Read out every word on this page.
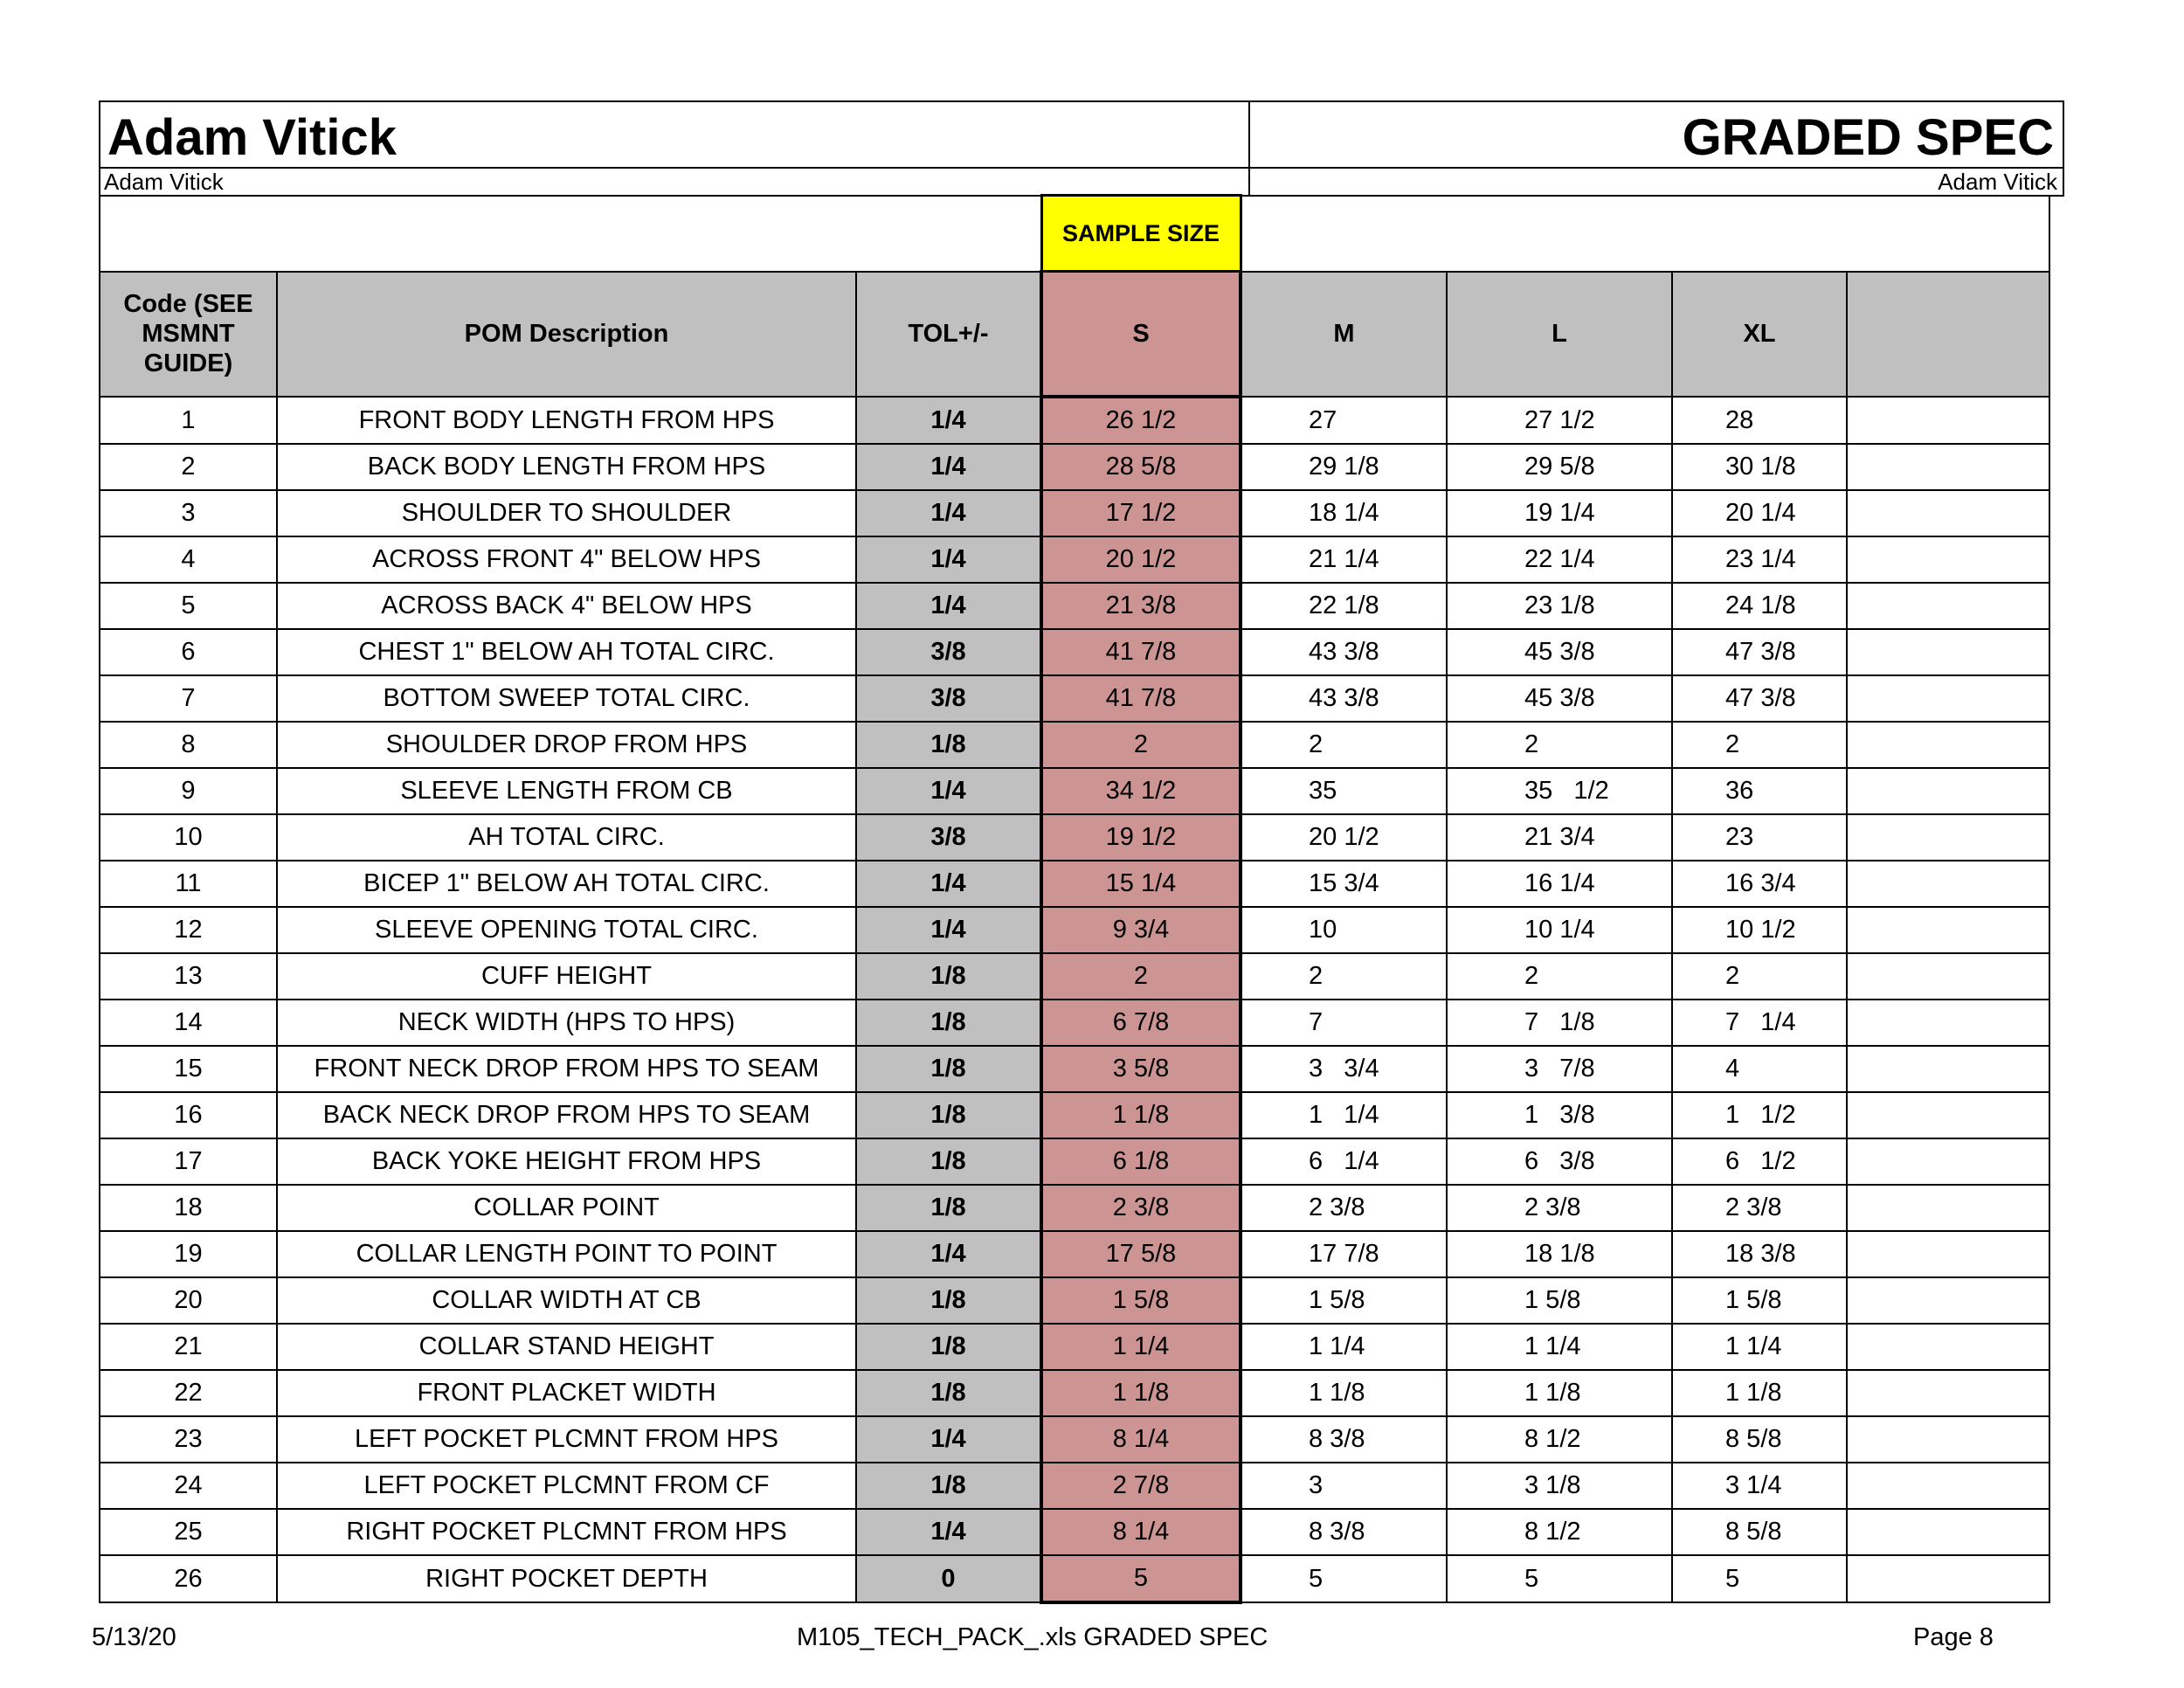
Adam Vitick	GRADED SPEC
Adam Vitick	Adam Vitick
			SAMPLE SIZE				

Code (SEE
MSMNT
GUIDE)	POM Description	TOL+/-	S	M	L	XL	
1	FRONT BODY LENGTH FROM HPS	1/4	26 1/2	27	27 1/2	28	
2	BACK BODY LENGTH FROM HPS	1/4	28 5/8	29 1/8	29 5/8	30 1/8	
3	SHOULDER TO SHOULDER	1/4	17 1/2	18 1/4	19 1/4	20 1/4	
4	ACROSS FRONT 4" BELOW HPS	1/4	20 1/2	21 1/4	22 1/4	23 1/4	
5	ACROSS BACK 4" BELOW HPS	1/4	21 3/8	22 1/8	23 1/8	24 1/8	
6	CHEST 1" BELOW AH TOTAL CIRC.	3/8	41 7/8	43 3/8	45 3/8	47 3/8	
7	BOTTOM SWEEP TOTAL CIRC.	3/8	41 7/8	43 3/8	45 3/8	47 3/8	
8	SHOULDER DROP FROM HPS	1/8	2	2	2	2	
9	SLEEVE LENGTH FROM CB	1/4	34 1/2	35	35   1/2	36	
10	AH TOTAL CIRC.	3/8	19 1/2	20 1/2	21 3/4	23	
11	BICEP 1" BELOW AH TOTAL CIRC.	1/4	15 1/4	15 3/4	16 1/4	16 3/4	
12	SLEEVE OPENING TOTAL CIRC.	1/4	9 3/4	10	10 1/4	10 1/2	
13	CUFF HEIGHT	1/8	2	2	2	2	
14	NECK WIDTH (HPS TO HPS)	1/8	6 7/8	7	7   1/8	7   1/4	
15	FRONT NECK DROP FROM HPS TO SEAM	1/8	3 5/8	3   3/4	3   7/8	4	
16	BACK NECK DROP FROM HPS TO SEAM	1/8	1 1/8	1   1/4	1   3/8	1   1/2	
17	BACK YOKE HEIGHT FROM HPS	1/8	6 1/8	6   1/4	6   3/8	6   1/2	
18	COLLAR POINT	1/8	2 3/8	2 3/8	2 3/8	2 3/8	
19	COLLAR LENGTH POINT TO POINT	1/4	17 5/8	17 7/8	18 1/8	18 3/8	
20	COLLAR WIDTH AT CB	1/8	1 5/8	1 5/8	1 5/8	1 5/8	
21	COLLAR STAND HEIGHT	1/8	1 1/4	1 1/4	1 1/4	1 1/4	
22	FRONT PLACKET WIDTH	1/8	1 1/8	1 1/8	1 1/8	1 1/8	
23	LEFT POCKET PLCMNT FROM HPS	1/4	8 1/4	8 3/8	8 1/2	8 5/8	
24	LEFT POCKET PLCMNT FROM CF	1/8	2 7/8	3	3 1/8	3 1/4	
25	RIGHT POCKET PLCMNT FROM HPS	1/4	8 1/4	8 3/8	8 1/2	8 5/8	
26	RIGHT POCKET DEPTH	0	5	5	5	5	
5/13/20	M105_TECH_PACK_.xls GRADED SPEC	Page 8
